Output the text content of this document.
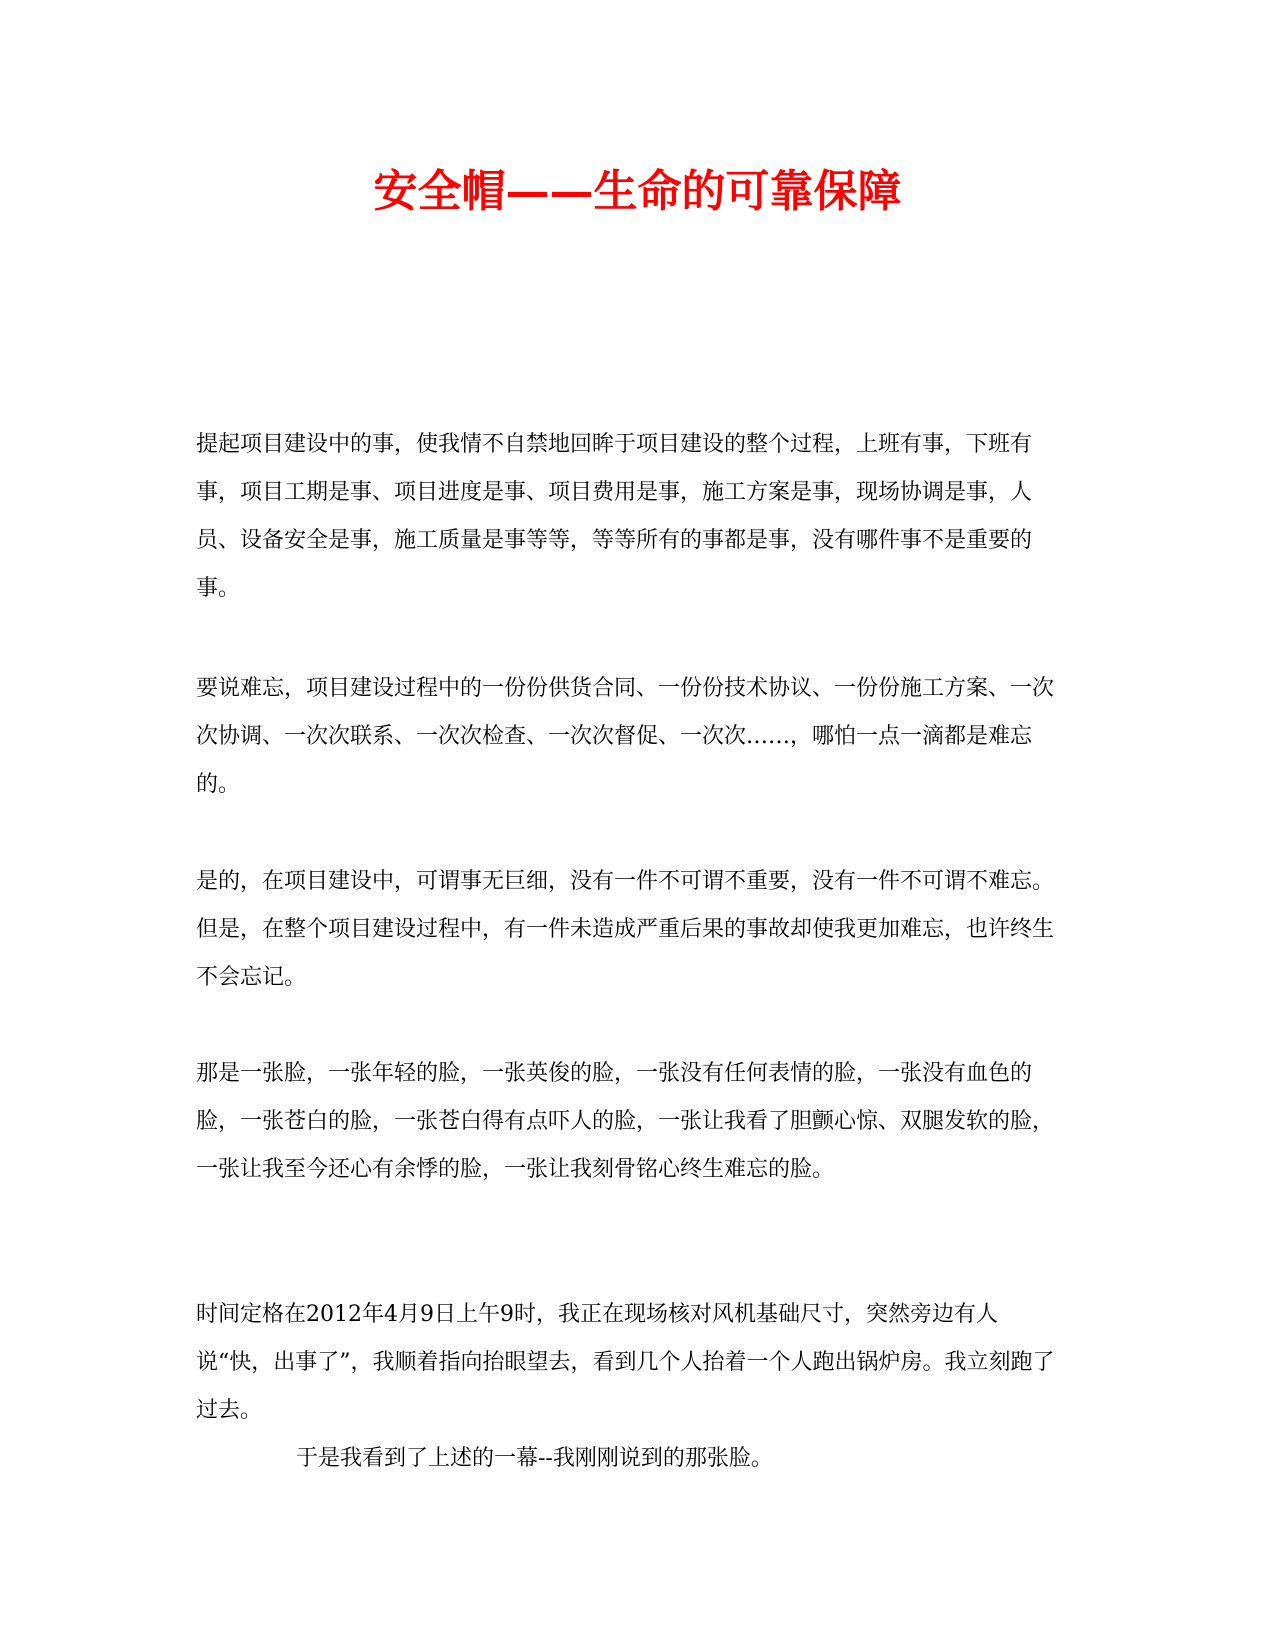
安全帽——生命的可靠保障

提起项目建设中的事，使我情不自禁地回眸于项目建设的整个过程，上班有事，下班有事，项目工期是事、项目进度是事、项目费用是事，施工方案是事，现场协调是事，人员、设备安全是事，施工质量是事等等，等等所有的事都是事，没有哪件事不是重要的事。

要说难忘，项目建设过程中的一份份供货合同、一份份技术协议、一份份施工方案、一次次协调、一次次联系、一次次检查、一次次督促、一次次……，哪怕一点一滴都是难忘的。

是的，在项目建设中，可谓事无巨细，没有一件不可谓不重要，没有一件不可谓不难忘。但是，在整个项目建设过程中，有一件未造成严重后果的事故却使我更加难忘，也许终生不会忘记。

那是一张脸，一张年轻的脸，一张英俊的脸，一张没有任何表情的脸，一张没有血色的脸，一张苍白的脸，一张苍白得有点吓人的脸，一张让我看了胆颤心惊、双腿发软的脸，一张让我至今还心有余悸的脸，一张让我刻骨铭心终生难忘的脸。

时间定格在2012年4月9日上午9时，我正在现场核对风机基础尺寸，突然旁边有人说“快，出事了”，我顺着指向抬眼望去，看到几个人抬着一个人跑出锅炉房。我立刻跑了过去。

于是我看到了上述的一幕--我刚刚说到的那张脸。
